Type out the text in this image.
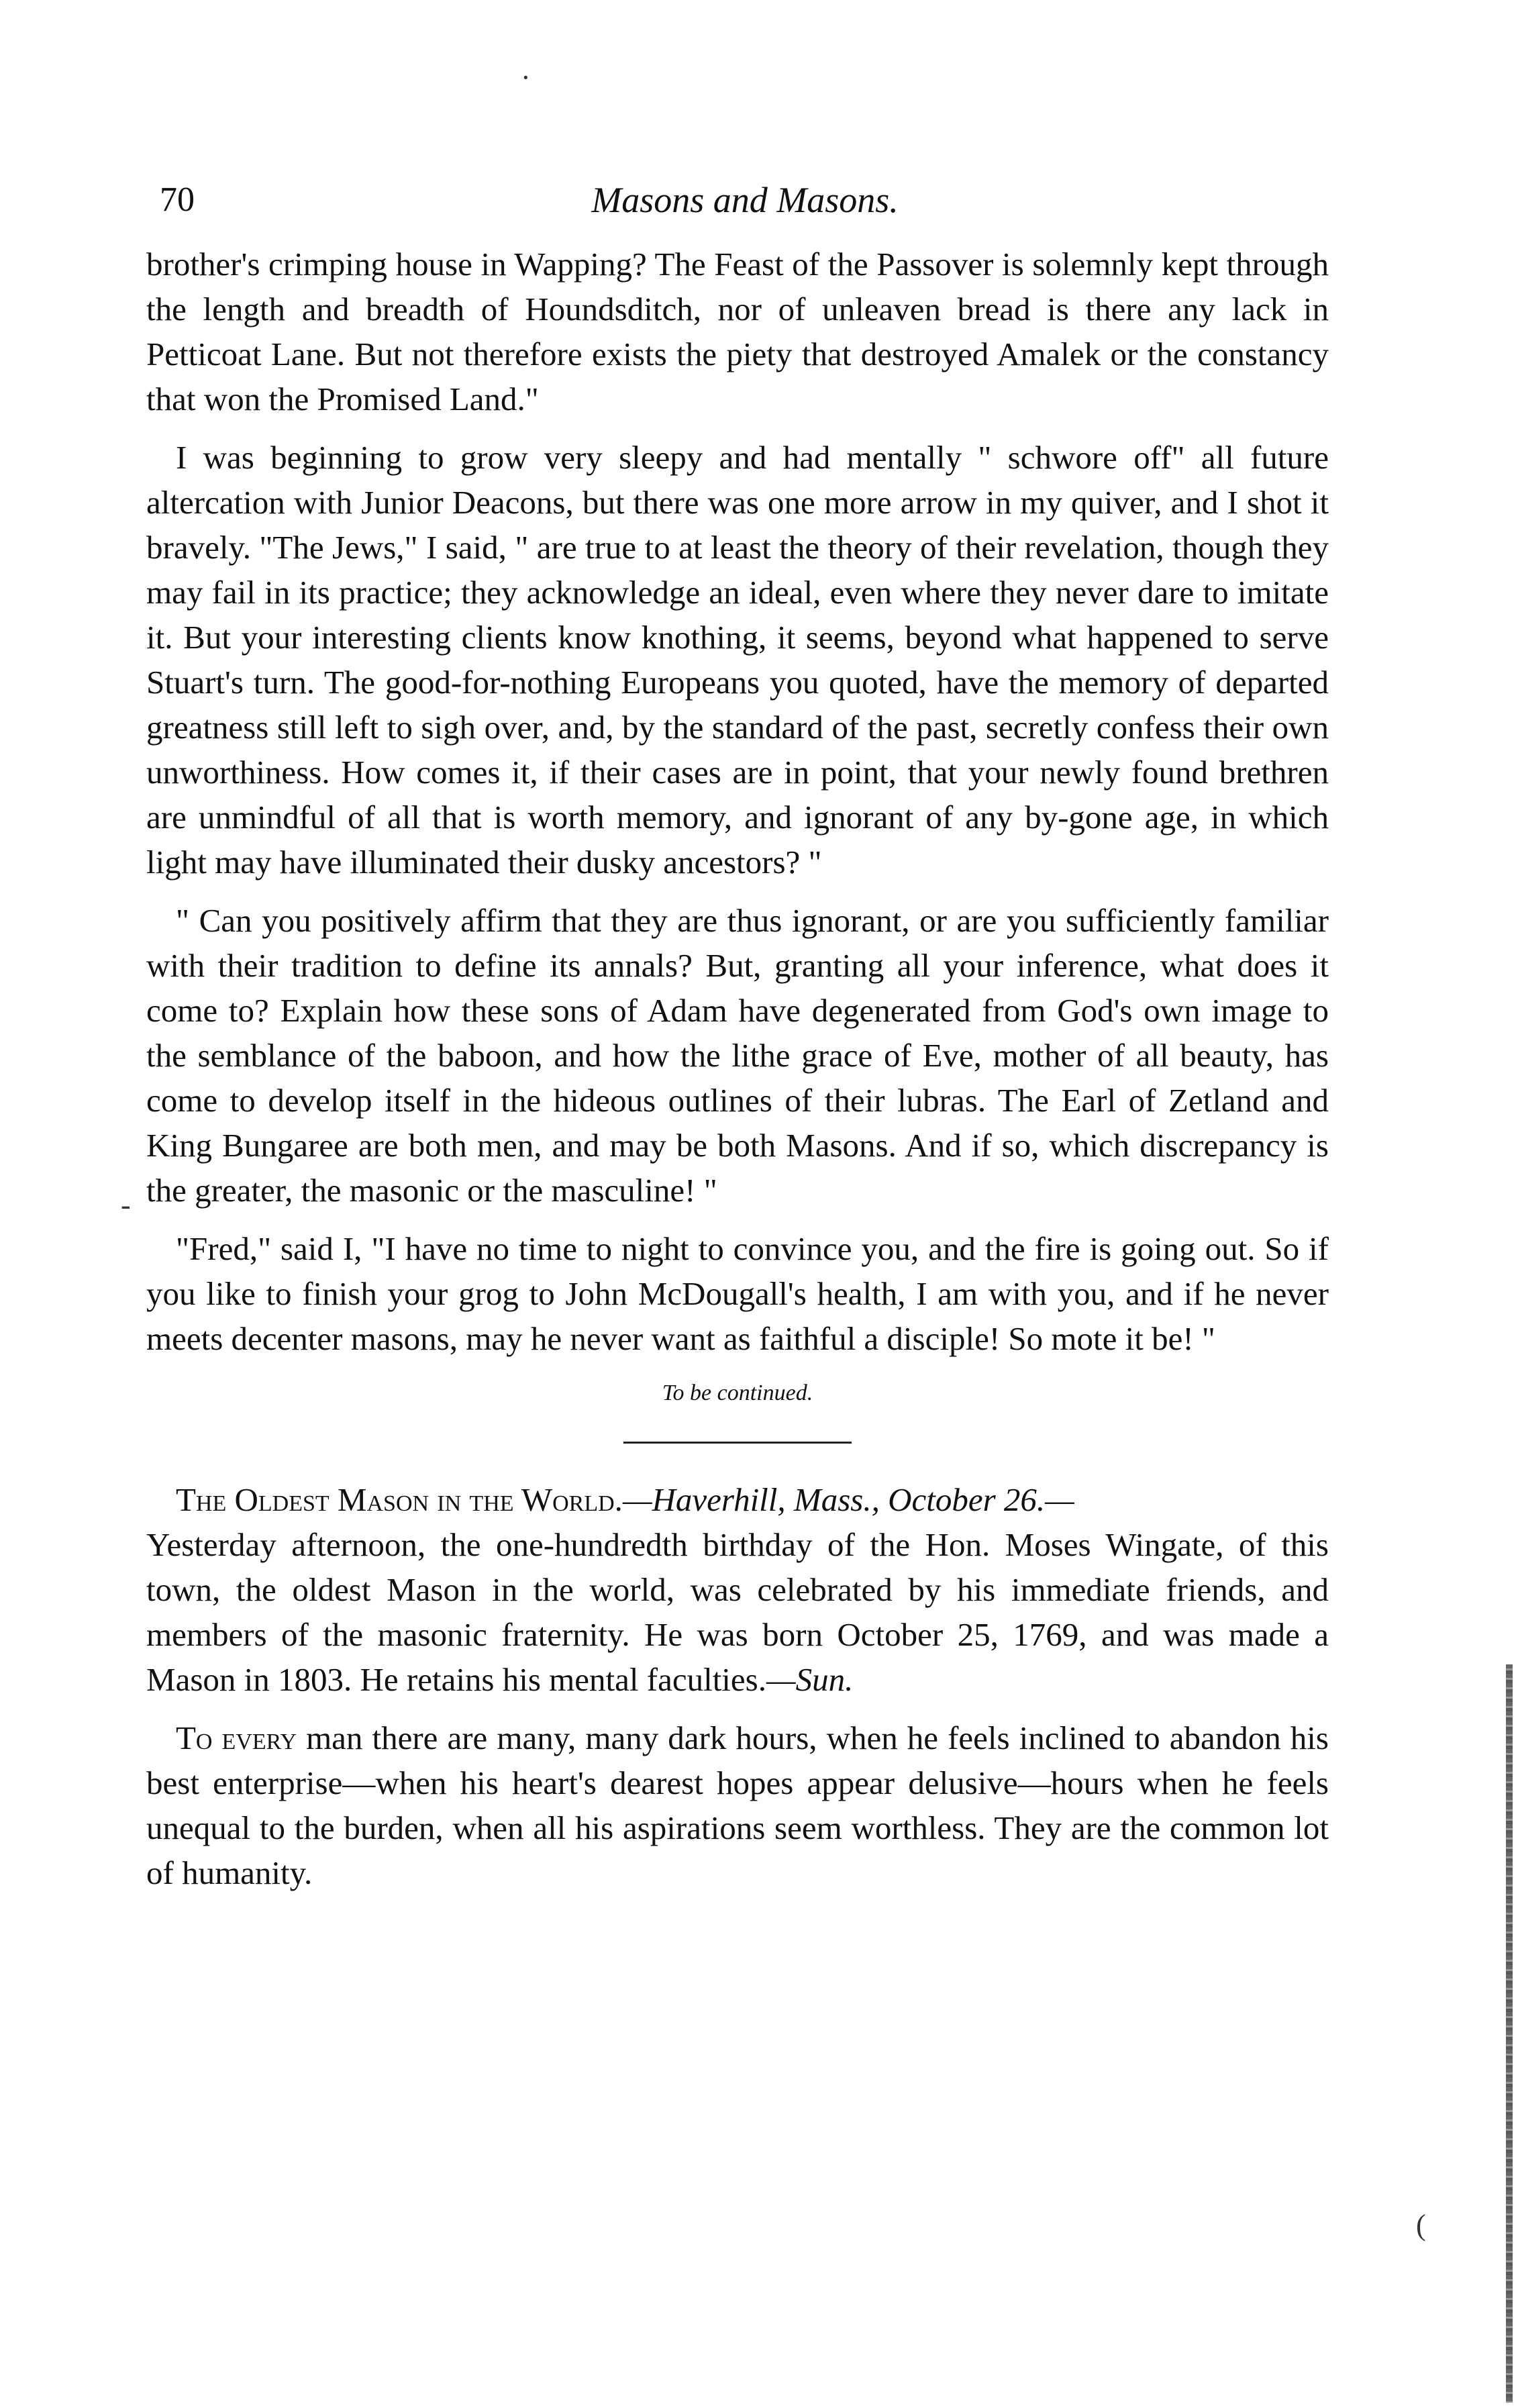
70	Masons and Masons.

brother's crimping house in Wapping? The Feast of the Passover is solemnly kept through the length and breadth of Houndsditch, nor of unleaven bread is there any lack in Petticoat Lane. But not therefore exists the piety that destroyed Amalek or the constancy that won the Promised Land."

I was beginning to grow very sleepy and had mentally " schwore off" all future altercation with Junior Deacons, but there was one more arrow in my quiver, and I shot it bravely. "The Jews," I said, " are true to at least the theory of their revelation, though they may fail in its practice; they acknowledge an ideal, even where they never dare to imitate it. But your interesting clients know knothing, it seems, beyond what happened to serve Stuart's turn. The good-for-nothing Europeans you quoted, have the memory of departed greatness still left to sigh over, and, by the standard of the past, secretly confess their own unworthiness. How comes it, if their cases are in point, that your newly found brethren are unmindful of all that is worth memory, and ignorant of any by-gone age, in which light may have illuminated their dusky ancestors? "

" Can you positively affirm that they are thus ignorant, or are you sufficiently familiar with their tradition to define its annals? But, granting all your inference, what does it come to? Explain how these sons of Adam have degenerated from God's own image to the semblance of the baboon, and how the lithe grace of Eve, mother of all beauty, has come to develop itself in the hideous outlines of their lubras. The Earl of Zetland and King Bungaree are both men, and may be both Masons. And if so, which discrepancy is the greater, the masonic or the masculine! "

"Fred," said I, "I have no time to night to convince you, and the fire is going out. So if you like to finish your grog to John McDougall's health, I am with you, and if he never meets decenter masons, may he never want as faithful a disciple! So mote it be! "

To be continued.

The Oldest Mason in the World.—Haverhill, Mass., October 26.—
Yesterday afternoon, the one-hundredth birthday of the Hon. Moses Wingate, of this town, the oldest Mason in the world, was celebrated by his immediate friends, and members of the masonic fraternity. He was born October 25, 1769, and was made a Mason in 1803. He retains his mental faculties.—Sun.

To every man there are many, many dark hours, when he feels inclined to abandon his best enterprise—when his heart's dearest hopes appear delusive—hours when he feels unequal to the burden, when all his aspirations seem worthless. They are the common lot of humanity.

(
·
-
